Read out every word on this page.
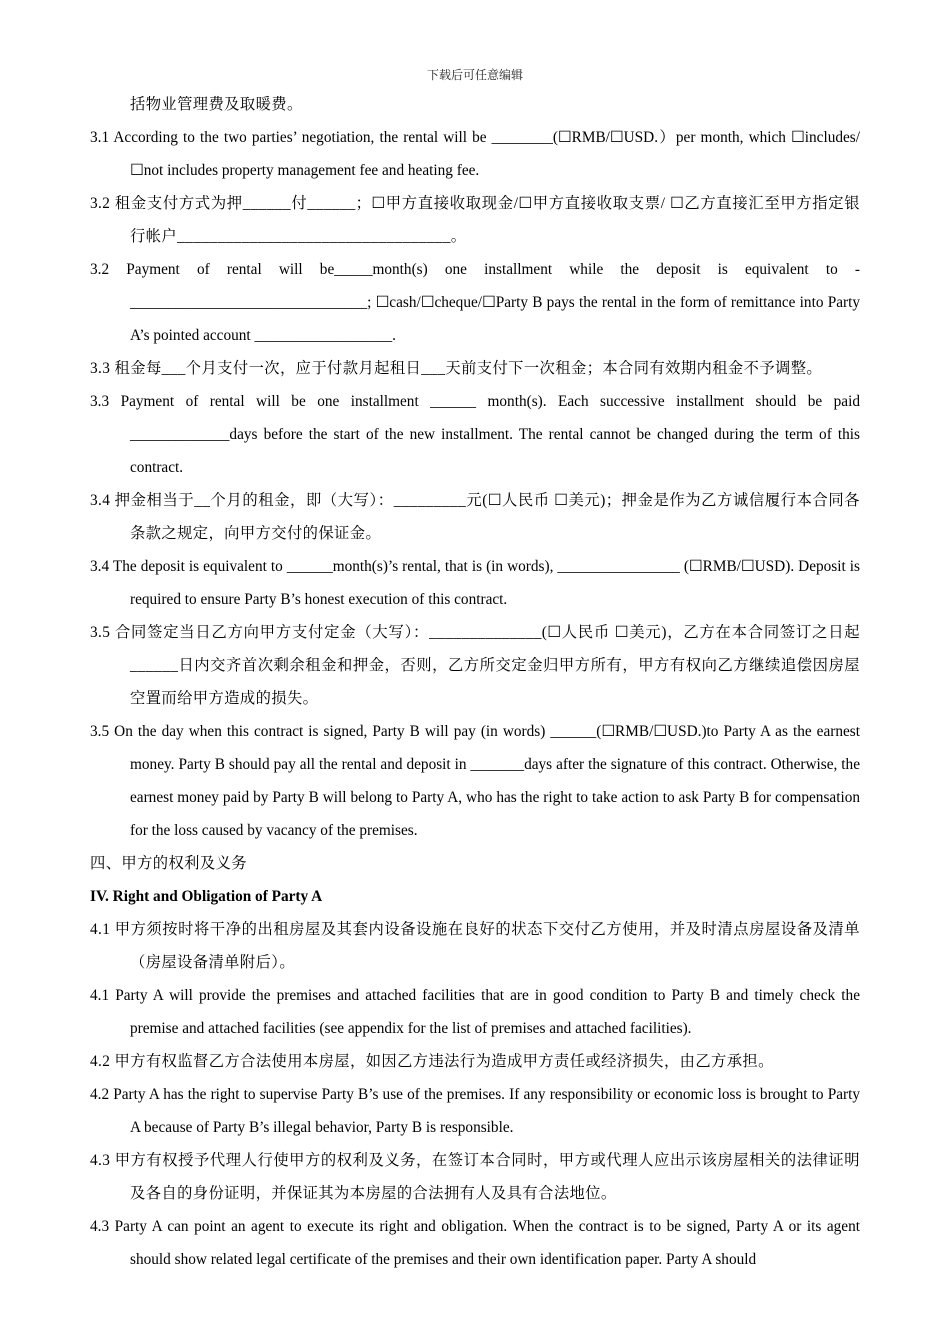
下载后可任意编辑

括物业管理费及取暖费。

3.1 According to the two parties’ negotiation, the rental will be ________(☐RMB/☐USD.）per month, which ☐includes/☐not includes property management fee and heating fee.

3.2 租金支付方式为押______付______；☐甲方直接收取现金/☐甲方直接收取支票/ ☐乙方直接汇至甲方指定银行帐户__________________________________。

3.2 Payment of rental will be_____month(s) one installment while the deposit is equivalent to -_______________________________; ☐cash/☐cheque/☐Party B pays the rental in the form of remittance into Party A’s pointed account __________________.

3.3 租金每___个月支付一次，应于付款月起租日___天前支付下一次租金；本合同有效期内租金不予调整。

3.3 Payment of rental will be one installment ______ month(s). Each successive installment should be paid _____________days before the start of the new installment. The rental cannot be changed during the term of this contract.

3.4 押金相当于__个月的租金，即（大写）：_________元(☐人民币 ☐美元)；押金是作为乙方诚信履行本合同各条款之规定，向甲方交付的保证金。

3.4 The deposit is equivalent to ______month(s)’s rental, that is (in words), ________________ (☐RMB/☐USD). Deposit is required to ensure Party B’s honest execution of this contract.

3.5 合同签定当日乙方向甲方支付定金（大写）：______________(☐人民币 ☐美元)，乙方在本合同签订之日起______日内交齐首次剩余租金和押金，否则，乙方所交定金归甲方所有，甲方有权向乙方继续追偿因房屋空置而给甲方造成的损失。

3.5 On the day when this contract is signed, Party B will pay (in words) ______(☐RMB/☐USD.)to Party A as the earnest money. Party B should pay all the rental and deposit in _______days after the signature of this contract. Otherwise, the earnest money paid by Party B will belong to Party A, who has the right to take action to ask Party B for compensation for the loss caused by vacancy of the premises.

四、甲方的权利及义务

IV. Right and Obligation of Party A

4.1 甲方须按时将干净的出租房屋及其套内设备设施在良好的状态下交付乙方使用，并及时清点房屋设备及清单（房屋设备清单附后）。

4.1 Party A will provide the premises and attached facilities that are in good condition to Party B and timely check the premise and attached facilities (see appendix for the list of premises and attached facilities).

4.2 甲方有权监督乙方合法使用本房屋，如因乙方违法行为造成甲方责任或经济损失，由乙方承担。

4.2 Party A has the right to supervise Party B’s use of the premises. If any responsibility or economic loss is brought to Party A because of Party B’s illegal behavior, Party B is responsible.

4.3 甲方有权授予代理人行使甲方的权利及义务，在签订本合同时，甲方或代理人应出示该房屋相关的法律证明及各自的身份证明，并保证其为本房屋的合法拥有人及具有合法地位。

4.3 Party A can point an agent to execute its right and obligation. When the contract is to be signed, Party A or its agent should show related legal certificate of the premises and their own identification paper. Party A should
